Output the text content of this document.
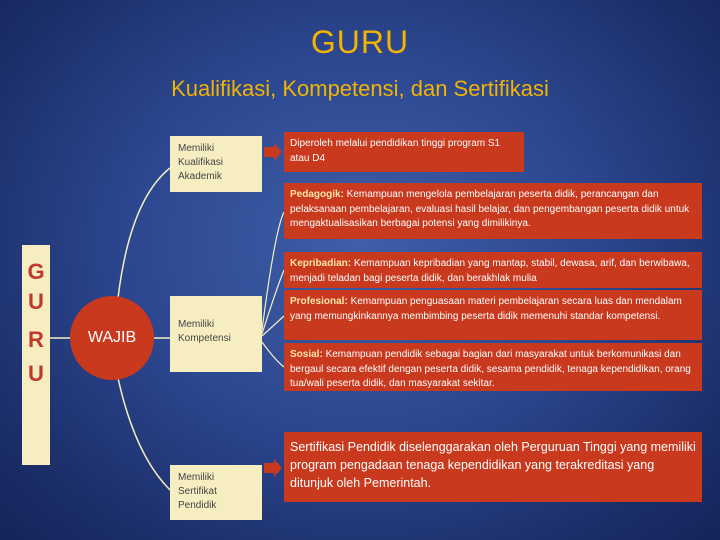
GURU
Kualifikasi, Kompetensi, dan Sertifikasi
G
U
R
U
WAJIB
Memiliki Kualifikasi Akademik
Memiliki Kompetensi
Memiliki Sertifikat Pendidik
Diperoleh melalui pendidikan tinggi program S1 atau D4
Pedagogik: Kemampuan mengelola pembelajaran peserta didik, perancangan dan pelaksanaan pembelajaran, evaluasi hasil belajar, dan pengembangan peserta didik untuk mengaktualisasikan berbagai potensi yang dimilikinya.
Kepribadian: Kemampuan kepribadian yang mantap, stabil, dewasa, arif, dan berwibawa, menjadi teladan bagi peserta didik, dan berakhlak mulia
Profesional: Kemampuan penguasaan materi pembelajaran secara luas dan mendalam yang memungkinkannya membimbing peserta didik memenuhi standar kompetensi.
Sosial: Kemampuan pendidik sebagai bagian dari masyarakat untuk berkomunikasi dan bergaul secara efektif dengan peserta didik, sesama pendidik, tenaga kependidikan, orang tua/wali peserta didik, dan masyarakat sekitar.
Sertifikasi Pendidik diselenggarakan oleh Perguruan Tinggi yang memiliki program pengadaan tenaga kependidikan yang terakreditasi yang ditunjuk oleh Pemerintah.
